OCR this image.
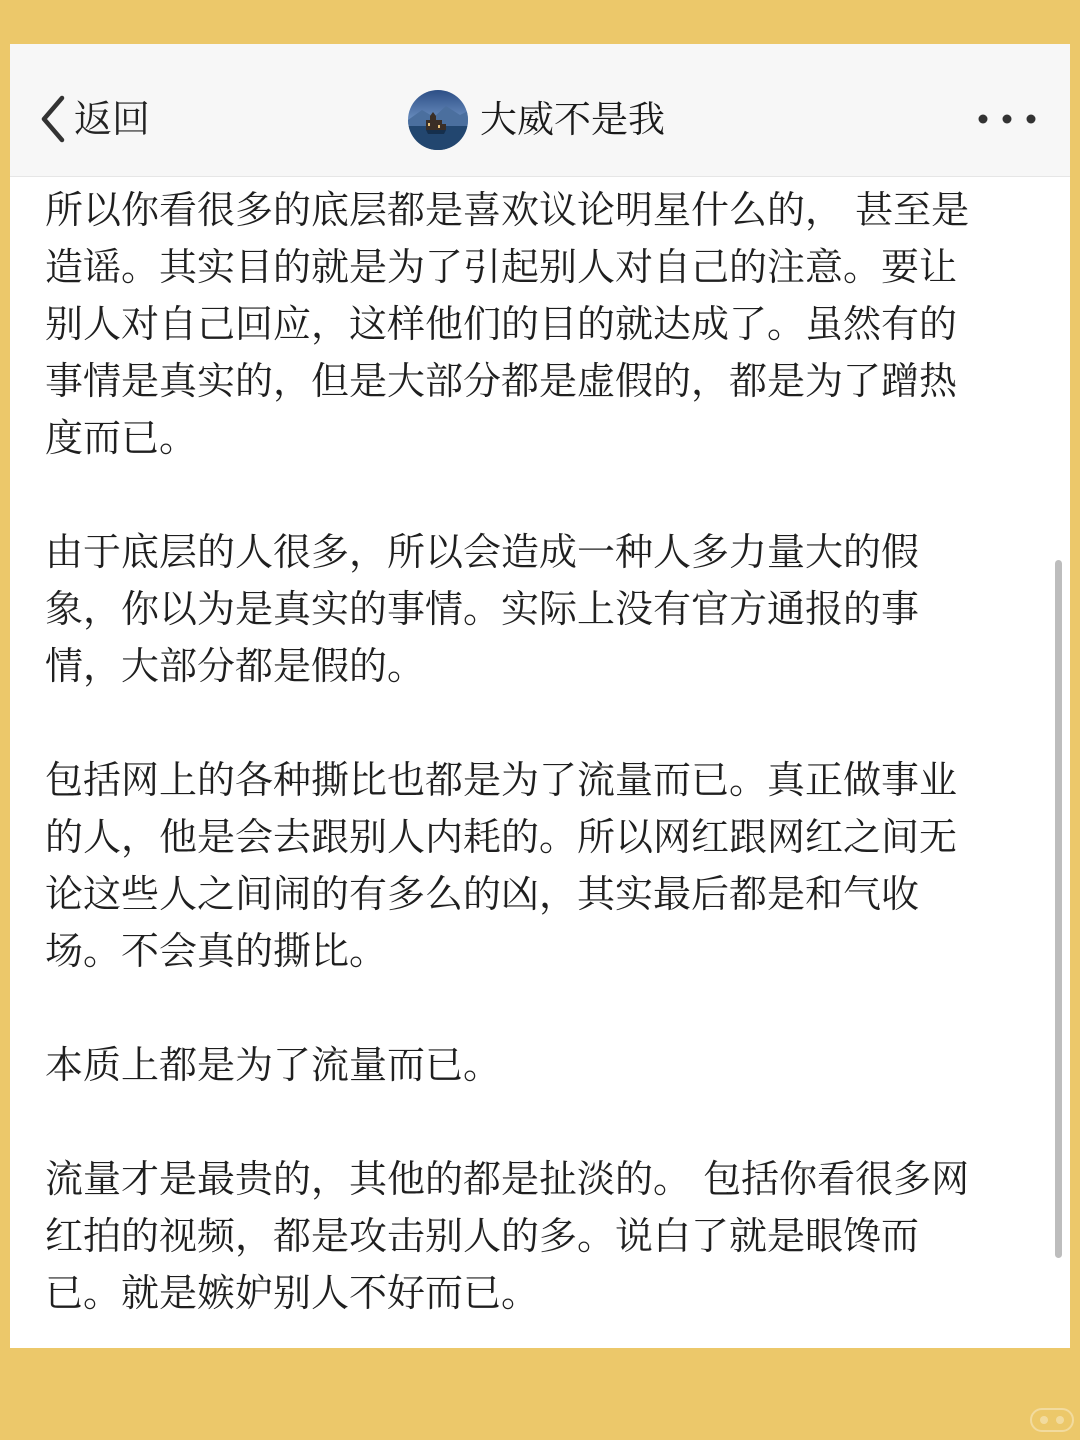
返回	大威不是我

所以你看很多的底层都是喜欢议论明星什么的， 甚至是
造谣。其实目的就是为了引起别人对自己的注意。要让
别人对自己回应，这样他们的目的就达成了。虽然有的
事情是真实的，但是大部分都是虚假的，都是为了蹭热
度而已。

由于底层的人很多，所以会造成一种人多力量大的假
象，你以为是真实的事情。实际上没有官方通报的事
情，大部分都是假的。

包括网上的各种撕比也都是为了流量而已。真正做事业
的人，他是会去跟别人内耗的。所以网红跟网红之间无
论这些人之间闹的有多么的凶，其实最后都是和气收
场。不会真的撕比。

本质上都是为了流量而已。

流量才是最贵的，其他的都是扯淡的。 包括你看很多网
红拍的视频，都是攻击别人的多。说白了就是眼馋而
已。就是嫉妒别人不好而已。
